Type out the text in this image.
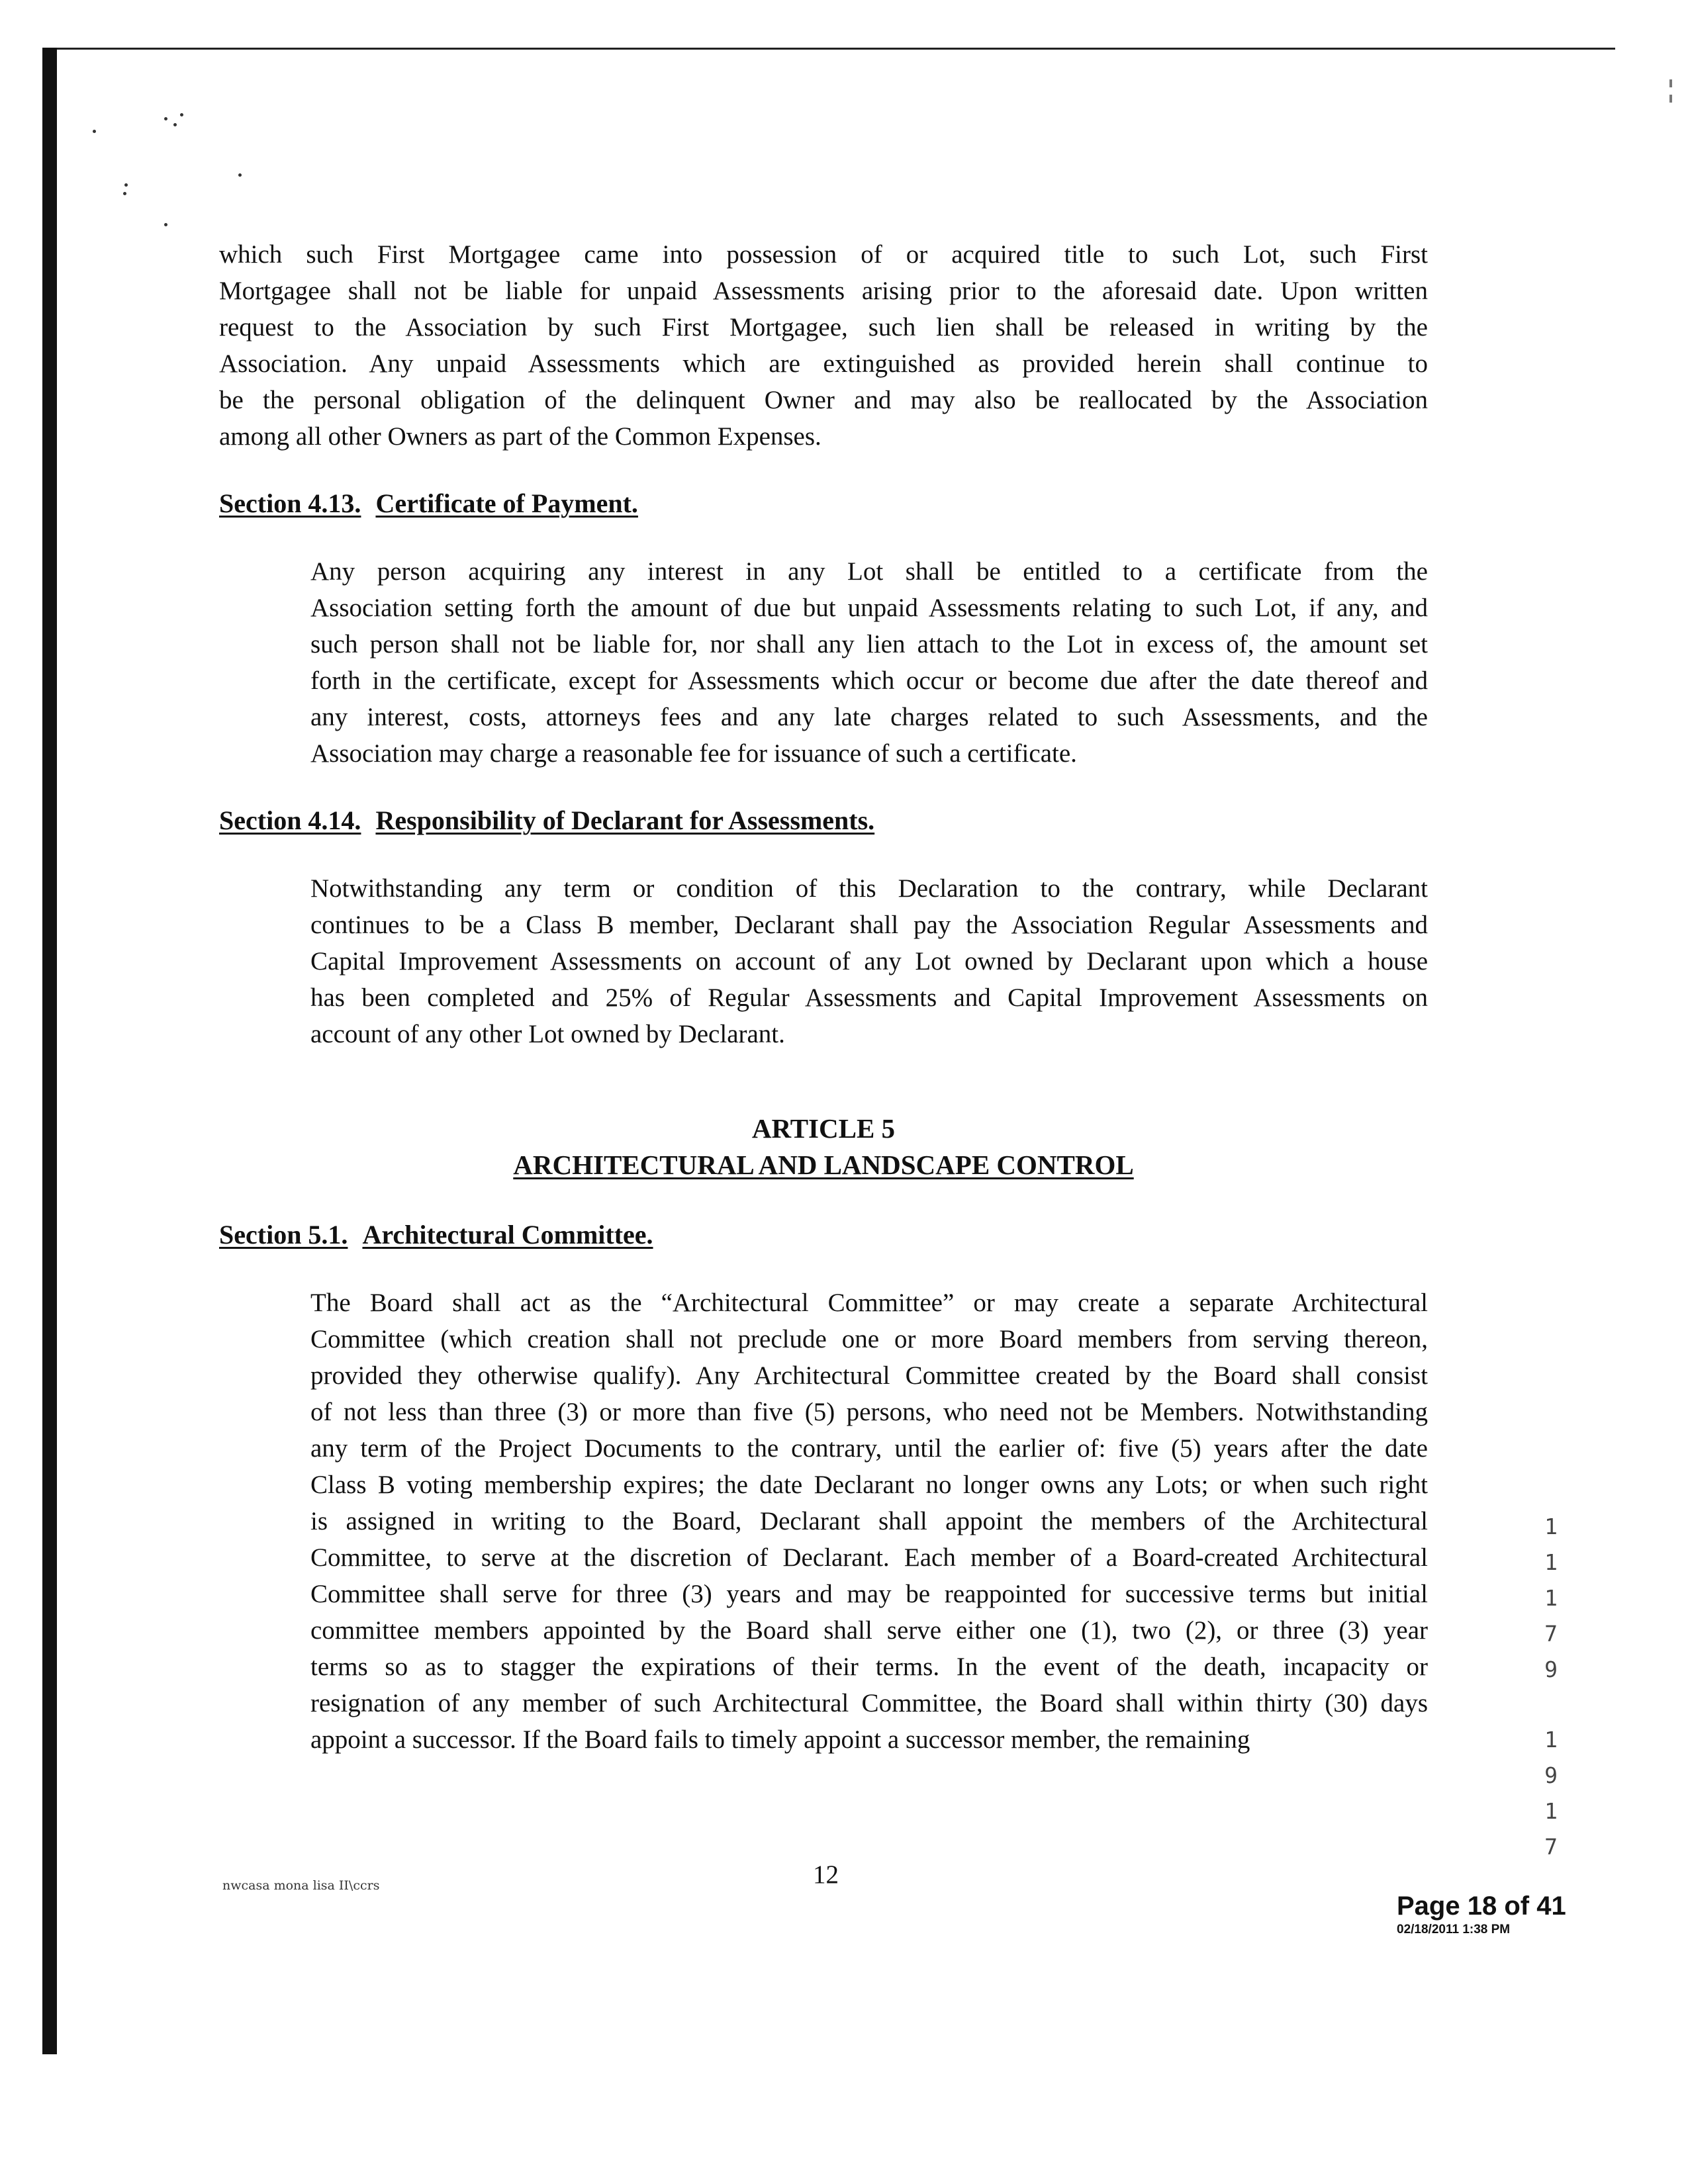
which such First Mortgagee came into possession of or acquired title to such Lot, such First
Mortgagee shall not be liable for unpaid Assessments arising prior to the aforesaid date. Upon written
request to the Association by such First Mortgagee, such lien shall be released in writing by the
Association. Any unpaid Assessments which are extinguished as provided herein shall continue to
be the personal obligation of the delinquent Owner and may also be reallocated by the Association
among all other Owners as part of the Common Expenses.
Section 4.13. Certificate of Payment.
Any person acquiring any interest in any Lot shall be entitled to a certificate from the
Association setting forth the amount of due but unpaid Assessments relating to such Lot, if any, and
such person shall not be liable for, nor shall any lien attach to the Lot in excess of, the amount set
forth in the certificate, except for Assessments which occur or become due after the date thereof and
any interest, costs, attorneys fees and any late charges related to such Assessments, and the
Association may charge a reasonable fee for issuance of such a certificate.
Section 4.14. Responsibility of Declarant for Assessments.
Notwithstanding any term or condition of this Declaration to the contrary, while Declarant
continues to be a Class B member, Declarant shall pay the Association Regular Assessments and
Capital Improvement Assessments on account of any Lot owned by Declarant upon which a house
has been completed and 25% of Regular Assessments and Capital Improvement Assessments on
account of any other Lot owned by Declarant.
ARTICLE 5
ARCHITECTURAL AND LANDSCAPE CONTROL
Section 5.1. Architectural Committee.
The Board shall act as the “Architectural Committee” or may create a separate Architectural
Committee (which creation shall not preclude one or more Board members from serving thereon,
provided they otherwise qualify). Any Architectural Committee created by the Board shall consist
of not less than three (3) or more than five (5) persons, who need not be Members. Notwithstanding
any term of the Project Documents to the contrary, until the earlier of: five (5) years after the date
Class B voting membership expires; the date Declarant no longer owns any Lots; or when such right
is assigned in writing to the Board, Declarant shall appoint the members of the Architectural
Committee, to serve at the discretion of Declarant. Each member of a Board-created Architectural
Committee shall serve for three (3) years and may be reappointed for successive terms but initial
committee members appointed by the Board shall serve either one (1), two (2), or three (3) year
terms so as to stagger the expirations of their terms. In the event of the death, incapacity or
resignation of any member of such Architectural Committee, the Board shall within thirty (30) days
appoint a successor. If the Board fails to timely appoint a successor member, the remaining
1
1
1
7
9
1
9
1
7
nwcasa mona lisa II\ccrs	12
Page 18 of 41
02/18/2011 1:38 PM
